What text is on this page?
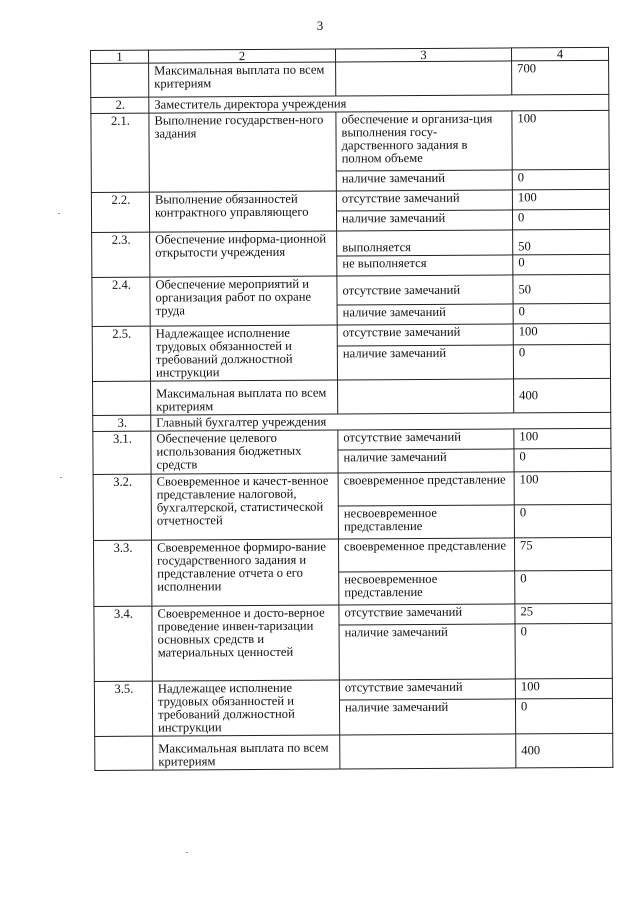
3
1	2	3	4
	Максимальная выплата по всем критериям		700
2.	Заместитель директора учреждения		
2.1.	Выполнение государствен-ного задания	обеспечение и организа-ция выполнения госу-дарственного задания в полном объеме	100
		наличие замечаний	0
2.2.	Выполнение обязанностей контрактного управляющего	отсутствие замечаний	100
		наличие замечаний	0
2.3.	Обеспечение информа-ционной открытости учреждения	выполняется	50
		не выполняется	0
2.4.	Обеспечение мероприятий и организация работ по охране труда	отсутствие замечаний	50
		наличие замечаний	0
2.5.	Надлежащее исполнение трудовых обязанностей и требований должностной инструкции	отсутствие замечаний	100
		наличие замечаний	0
	Максимальная выплата по всем критериям		400
3.	Главный бухгалтер учреждения		
3.1.	Обеспечение целевого использования бюджетных средств	отсутствие замечаний	100
		наличие замечаний	0
3.2.	Своевременное и качест-венное представление налоговой, бухгалтерской, статистической отчетностей	своевременное представление	100
		несвоевременное представление	0
3.3.	Своевременное формиро-вание государственного задания и представление отчета о его исполнении	своевременное представление	75
		несвоевременное представление	0
3.4.	Своевременное и досто-верное проведение инвен-таризации основных средств и материальных ценностей	отсутствие замечаний	25
		наличие замечаний	0
3.5.	Надлежащее исполнение трудовых обязанностей и требований должностной инструкции	отсутствие замечаний	100
		наличие замечаний	0
	Максимальная выплата по всем критериям		400
